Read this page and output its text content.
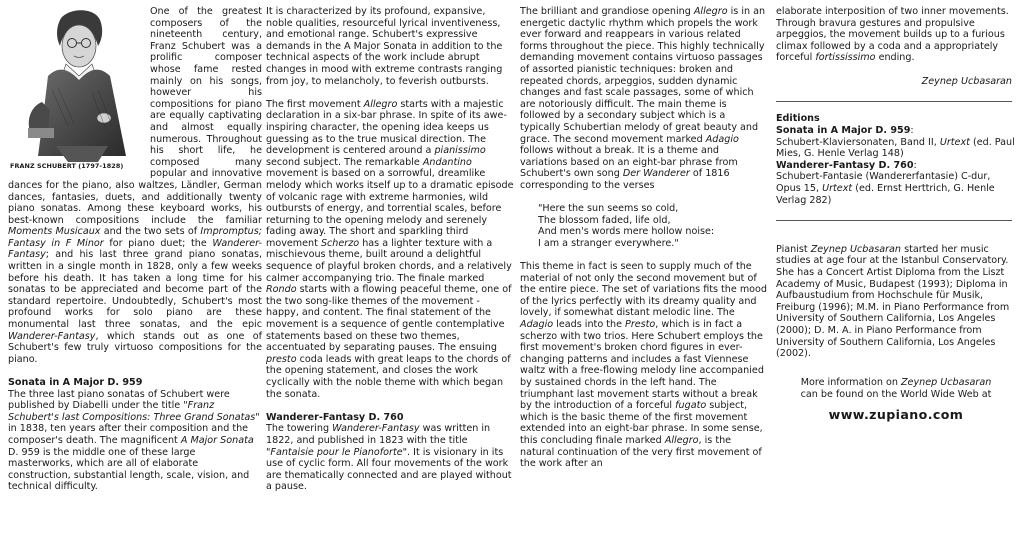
FRANZ SCHUBERT (1797-1828)

One of the greatest composers of the nineteenth century, Franz Schubert was a prolific composer whose fame rested mainly on his songs, however his compositions for piano are equally captivating and almost equally numerous. Throughout his short life, he composed many popular and innovative dances for the piano, also waltzes, Ländler, German dances, fantasies, duets, and additionally twenty piano sonatas. Among these keyboard works, his best-known compositions include the familiar Moments Musicaux and the two sets of Impromptus; Fantasy in F Minor for piano duet; the Wanderer-Fantasy; and his last three grand piano sonatas, written in a single month in 1828, only a few weeks before his death. It has taken a long time for his sonatas to be appreciated and become part of the standard repertoire. Undoubtedly, Schubert's most profound works for solo piano are these monumental last three sonatas, and the epic Wanderer-Fantasy, which stands out as one of Schubert's few truly virtuoso compositions for the piano.

Sonata in A Major D. 959

The three last piano sonatas of Schubert were published by Diabelli under the title "Franz Schubert's last Compositions: Three Grand Sonatas" in 1838, ten years after their composition and the composer's death. The magnificent A Major Sonata D. 959 is the middle one of these large masterworks, which are all of elaborate construction, substantial length, scale, vision, and technical difficulty.

It is characterized by its profound, expansive, noble qualities, resourceful lyrical inventiveness, and emotional range. Schubert's expressive demands in the A Major Sonata in addition to the technical aspects of the work include abrupt changes in mood with extreme contrasts ranging from joy, to melancholy, to feverish outbursts.

The first movement Allegro starts with a majestic declaration in a six-bar phrase. In spite of its awe-inspiring character, the opening idea keeps us guessing as to the true musical direction. The development is centered around a pianissimo second subject. The remarkable Andantino movement is based on a sorrowful, dreamlike melody which works itself up to a dramatic episode of volcanic rage with extreme harmonies, wild outbursts of energy, and torrential scales, before returning to the opening melody and serenely fading away. The short and sparkling third movement Scherzo has a lighter texture with a mischievous theme, built around a delightful sequence of playful broken chords, and a relatively calmer accompanying trio. The finale marked Rondo starts with a flowing peaceful theme, one of the two song-like themes of the movement - happy, and content. The final statement of the movement is a sequence of gentle contemplative statements based on these two themes, accentuated by separating pauses. The ensuing presto coda leads with great leaps to the chords of the opening statement, and closes the work cyclically with the noble theme with which began the sonata.

Wanderer-Fantasy D. 760

The towering Wanderer-Fantasy was written in 1822, and published in 1823 with the title "Fantaisie pour le Pianoforte". It is visionary in its use of cyclic form. All four movements of the work are thematically connected and are played without a pause.

The brilliant and grandiose opening Allegro is in an energetic dactylic rhythm which propels the work ever forward and reappears in various related forms throughout the piece. This highly technically demanding movement contains virtuoso passages of assorted pianistic techniques: broken and repeated chords, arpeggios, sudden dynamic changes and fast scale passages, some of which are notoriously difficult. The main theme is followed by a secondary subject which is a typically Schubertian melody of great beauty and grace. The second movement marked Adagio follows without a break. It is a theme and variations based on an eight-bar phrase from Schubert's own song Der Wanderer of 1816 corresponding to the verses

"Here the sun seems so cold,
The blossom faded, life old,
And men's words mere hollow noise:
I am a stranger everywhere."

This theme in fact is seen to supply much of the material of not only the second movement but of the entire piece. The set of variations fits the mood of the lyrics perfectly with its dreamy quality and lovely, if somewhat distant melodic line. The Adagio leads into the Presto, which is in fact a scherzo with two trios. Here Schubert employs the first movement's broken chord figures in ever-changing patterns and includes a fast Viennese waltz with a free-flowing melody line accompanied by sustained chords in the left hand. The triumphant last movement starts without a break by the introduction of a forceful fugato subject, which is the basic theme of the first movement extended into an eight-bar phrase. In some sense, this concluding finale marked Allegro, is the natural continuation of the very first movement of the work after an

elaborate interposition of two inner movements. Through bravura gestures and propulsive arpeggios, the movement builds up to a furious climax followed by a coda and a appropriately forceful fortississimo ending.

Zeynep Ucbasaran

Editions

Sonata in A Major D. 959:
Schubert-Klaviersonaten, Band II, Urtext (ed. Paul Mies, G. Henle Verlag 148)

Wanderer-Fantasy D. 760:
Schubert-Fantasie (Wandererfantasie) C-dur, Opus 15, Urtext (ed. Ernst Herttrich, G. Henle Verlag 282)

Pianist Zeynep Ucbasaran started her music studies at age four at the Istanbul Conservatory. She has a Concert Artist Diploma from the Liszt Academy of Music, Budapest (1993); Diploma in Aufbaustudium from Hochschule für Musik, Freiburg (1996); M.M. in Piano Performance from University of Southern California, Los Angeles (2000); D. M. A. in Piano Performance from University of Southern California, Los Angeles (2002).

More information on Zeynep Ucbasaran
can be found on the World Wide Web at

www.zupiano.com
